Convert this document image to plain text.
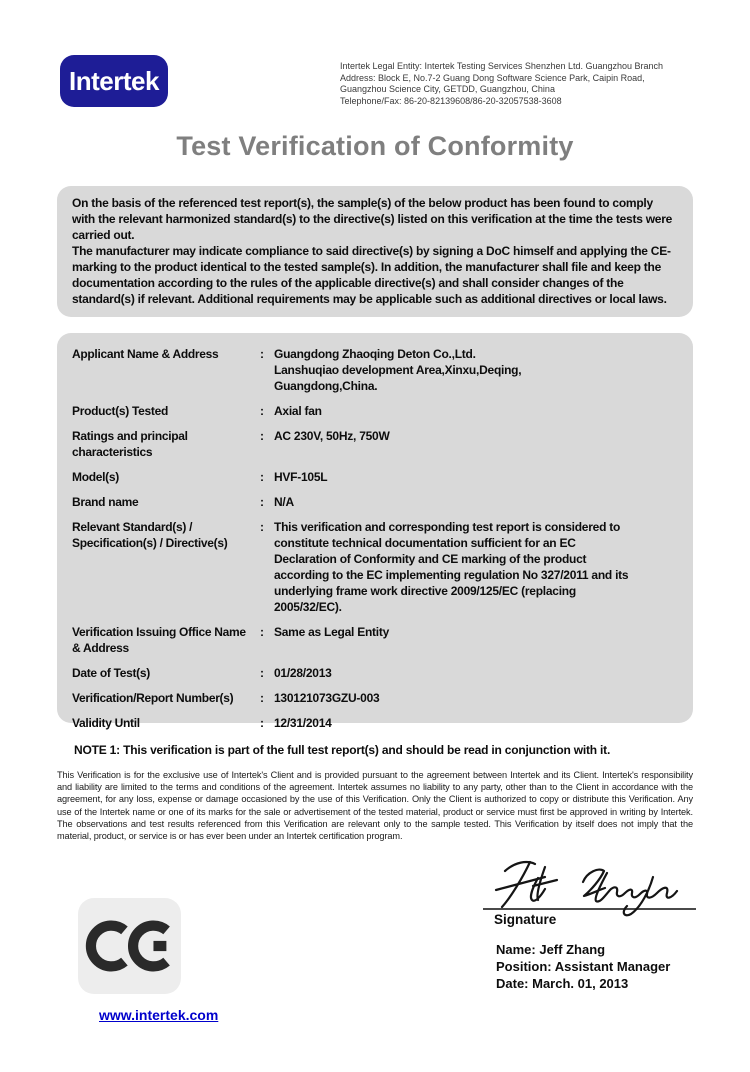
Intertek	Intertek Legal Entity: Intertek Testing Services Shenzhen Ltd. Guangzhou Branch
Address: Block E, No.7-2 Guang Dong Software Science Park, Caipin Road,
Guangzhou Science City, GETDD, Guangzhou, China
Telephone/Fax: 86-20-82139608/86-20-32057538-3608
Test Verification of Conformity

On the basis of the referenced test report(s), the sample(s) of the below product has been found to comply with the relevant harmonized standard(s) to the directive(s) listed on this verification at the time the tests were carried out.

The manufacturer may indicate compliance to said directive(s) by signing a DoC himself and applying the CE-marking to the product identical to the tested sample(s). In addition, the manufacturer shall file and keep the documentation according to the rules of the applicable directive(s) and shall consider changes of the standard(s) if relevant. Additional requirements may be applicable such as additional directives or local laws.

Applicant Name & Address	: Guangdong Zhaoqing Deton Co.,Ltd.
Lanshuqiao development Area,Xinxu,Deqing,
Guangdong,China.
Product(s) Tested	: Axial fan
Ratings and principal
characteristics
: AC 230V, 50Hz, 750W
Model(s)	: HVF-105L
Brand name	: N/A
Relevant Standard(s) /
Specification(s) / Directive(s)
: This verification and corresponding test report is considered to constitute technical documentation sufficient for an EC Declaration of Conformity and CE marking of the product according to the EC implementing regulation No 327/2011 and its underlying frame work directive 2009/125/EC (replacing 2005/32/EC).
Verification Issuing Office Name
& Address
: Same as Legal Entity
Date of Test(s)	: 01/28/2013
Verification/Report Number(s)	: 130121073GZU-003
Validity Until	: 12/31/2014
NOTE 1: This verification is part of the full test report(s) and should be read in conjunction with it.
This Verification is for the exclusive use of Intertek's Client and is provided pursuant to the agreement between Intertek and its Client. Intertek's responsibility and liability are limited to the terms and conditions of the agreement. Intertek assumes no liability to any party, other than to the Client in accordance with the agreement, for any loss, expense or damage occasioned by the use of this Verification. Only the Client is authorized to copy or distribute this Verification. Any use of the Intertek name or one of its marks for the sale or advertisement of the tested material, product or service must first be approved in writing by Intertek. The observations and test results referenced from this Verification are relevant only to the sample tested. This Verification by itself does not imply that the material, product, or service is or has ever been under an Intertek certification program.
Signature
Name: Jeff Zhang
Position: Assistant Manager
Date: March. 01, 2013
www.intertek.com
